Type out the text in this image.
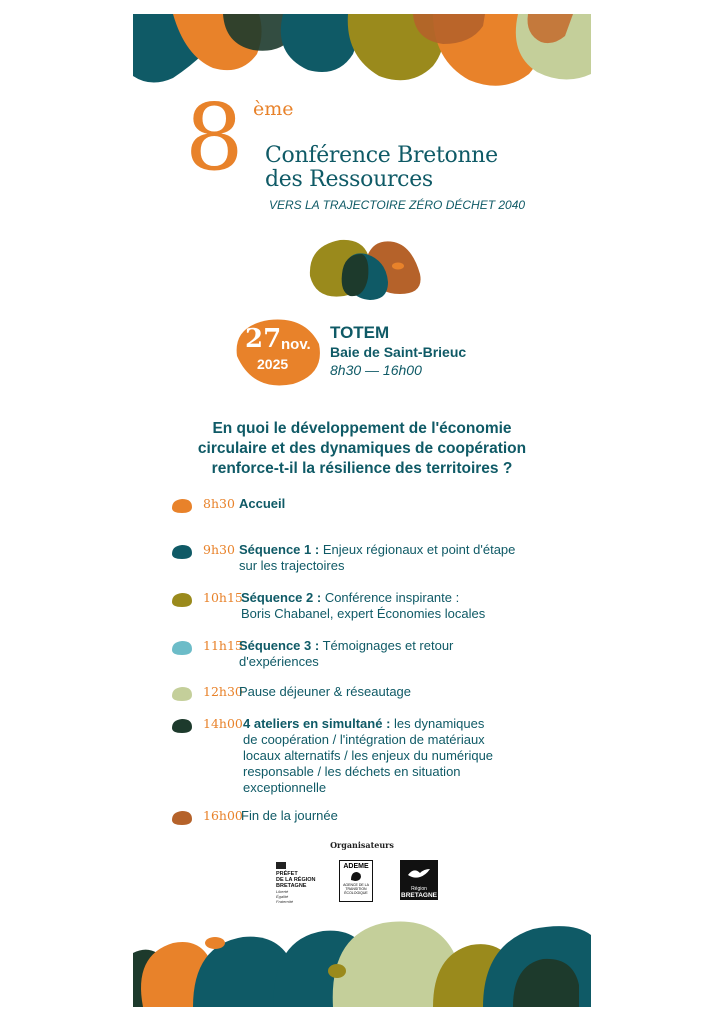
8 ème
Conférence Bretonne
des Ressources
VERS LA TRAJECTOIRE ZÉRO DÉCHET 2040
27 nov.
2025
TOTEM
Baie de Saint-Brieuc
8h30 — 16h00
En quoi le développement de l'économie
circulaire et des dynamiques de coopération
renforce-t-il la résilience des territoires ?
8h30 Accueil
9h30 Séquence 1 : Enjeux régionaux et point d'étape
sur les trajectoires
10h15
Séquence 2 : Conférence inspirante :
Boris Chabanel, expert Économies locales
11h15
Séquence 3 : Témoignages et retour
d'expériences
12h30
Pause déjeuner & réseautage
14h00 4 ateliers en simultané : les dynamiques
de coopération / l'intégration de matériaux
locaux alternatifs / les enjeux du numérique
responsable / les déchets en situation
exceptionnelle
16h00
Fin de la journée
Organisateurs
PRÉFET
DE LA RÉGION
BRETAGNE
Liberté
Égalité
Fraternité
ADEME
AGENCE DE LA
TRANSITION
ÉCOLOGIQUE
Région
BRETAGNE
